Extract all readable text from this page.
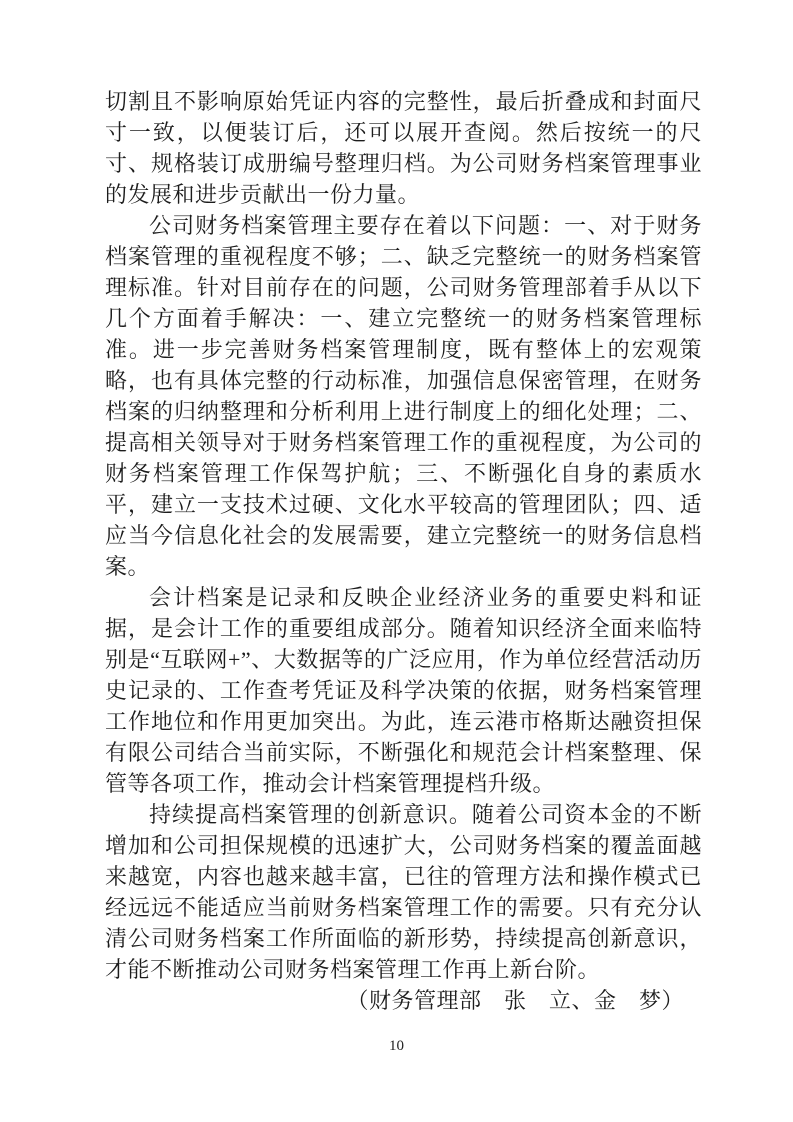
切割且不影响原始凭证内容的完整性，最后折叠成和封面尺寸一致，以便装订后，还可以展开查阅。然后按统一的尺寸、规格装订成册编号整理归档。为公司财务档案管理事业的发展和进步贡献出一份力量。

公司财务档案管理主要存在着以下问题：一、对于财务档案管理的重视程度不够；二、缺乏完整统一的财务档案管理标准。针对目前存在的问题，公司财务管理部着手从以下几个方面着手解决：一、建立完整统一的财务档案管理标准。进一步完善财务档案管理制度，既有整体上的宏观策略，也有具体完整的行动标准，加强信息保密管理，在财务档案的归纳整理和分析利用上进行制度上的细化处理；二、提高相关领导对于财务档案管理工作的重视程度，为公司的财务档案管理工作保驾护航；三、不断强化自身的素质水平，建立一支技术过硬、文化水平较高的管理团队；四、适应当今信息化社会的发展需要，建立完整统一的财务信息档案。

会计档案是记录和反映企业经济业务的重要史料和证据，是会计工作的重要组成部分。随着知识经济全面来临特别是“互联网+”、大数据等的广泛应用，作为单位经营活动历史记录的、工作查考凭证及科学决策的依据，财务档案管理工作地位和作用更加突出。为此，连云港市格斯达融资担保有限公司结合当前实际，不断强化和规范会计档案整理、保管等各项工作，推动会计档案管理提档升级。

持续提高档案管理的创新意识。随着公司资本金的不断增加和公司担保规模的迅速扩大，公司财务档案的覆盖面越来越宽，内容也越来越丰富，已往的管理方法和操作模式已经远远不能适应当前财务档案管理工作的需要。只有充分认清公司财务档案工作所面临的新形势，持续提高创新意识，才能不断推动公司财务档案管理工作再上新台阶。

（财务管理部　张　立、金　梦）

10
